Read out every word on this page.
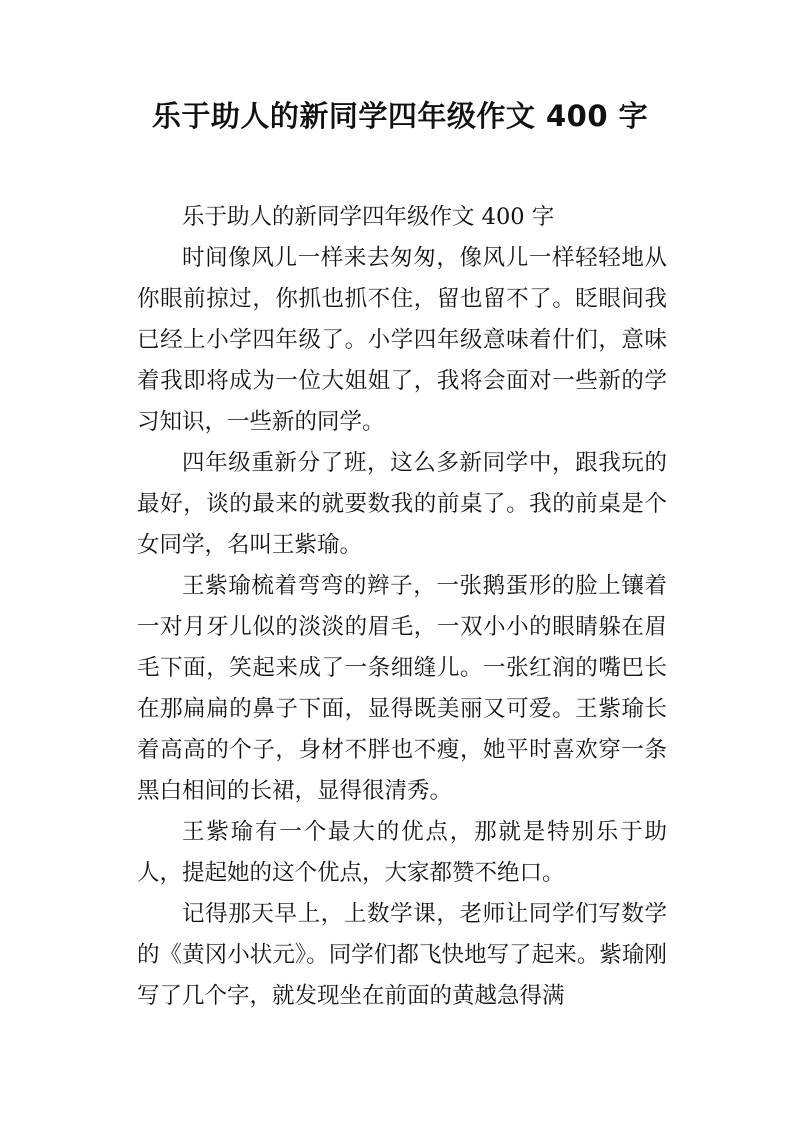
乐于助人的新同学四年级作文 400 字

乐于助人的新同学四年级作文 400 字

时间像风儿一样来去匆匆，像风儿一样轻轻地从你眼前掠过，你抓也抓不住，留也留不了。眨眼间我已经上小学四年级了。小学四年级意味着什们，意味着我即将成为一位大姐姐了，我将会面对一些新的学习知识，一些新的同学。

四年级重新分了班，这么多新同学中，跟我玩的最好，谈的最来的就要数我的前桌了。我的前桌是个女同学，名叫王紫瑜。

王紫瑜梳着弯弯的辫子，一张鹅蛋形的脸上镶着一对月牙儿似的淡淡的眉毛，一双小小的眼睛躲在眉毛下面，笑起来成了一条细缝儿。一张红润的嘴巴长在那扁扁的鼻子下面，显得既美丽又可爱。王紫瑜长着高高的个子，身材不胖也不瘦，她平时喜欢穿一条黑白相间的长裙，显得很清秀。

王紫瑜有一个最大的优点，那就是特别乐于助人，提起她的这个优点，大家都赞不绝口。

记得那天早上，上数学课，老师让同学们写数学的《黄冈小状元》。同学们都飞快地写了起来。紫瑜刚写了几个字，就发现坐在前面的黄越急得满
